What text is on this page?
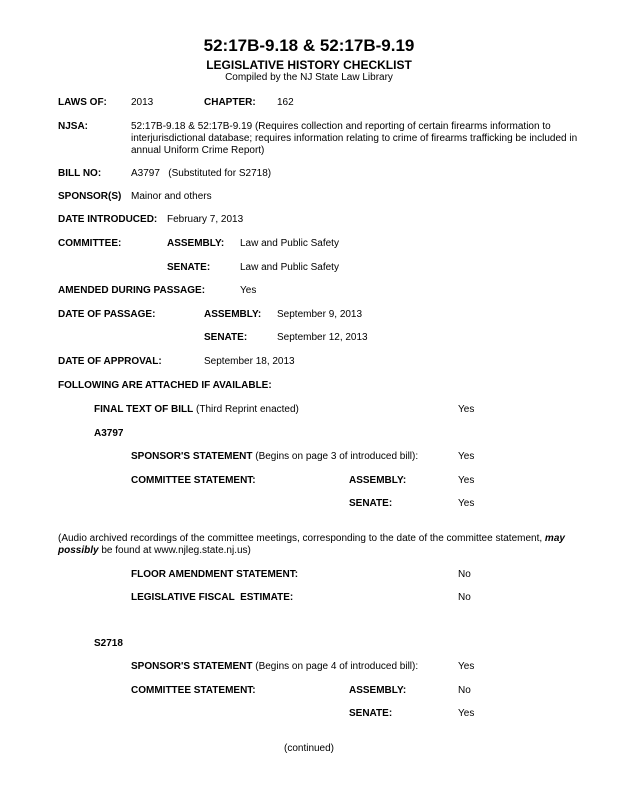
52:17B-9.18 & 52:17B-9.19
LEGISLATIVE HISTORY CHECKLIST
Compiled by the NJ State Law Library
LAWS OF: 2013	CHAPTER: 162
NJSA:	52:17B-9.18 & 52:17B-9.19 (Requires collection and reporting of certain firearms information to interjurisdictional database; requires information relating to crime of firearms trafficking be included in annual Uniform Crime Report)
BILL NO:	A3797   (Substituted for S2718)
SPONSOR(S) Mainor and others
DATE INTRODUCED: February 7, 2013
COMMITTEE:	ASSEMBLY: Law and Public Safety
SENATE:	Law and Public Safety
AMENDED DURING PASSAGE:	Yes
DATE OF PASSAGE:	ASSEMBLY: September 9, 2013
SENATE:	September 12, 2013
DATE OF APPROVAL:	September 18, 2013
FOLLOWING ARE ATTACHED IF AVAILABLE:
FINAL TEXT OF BILL (Third Reprint enacted)	Yes
A3797
SPONSOR'S STATEMENT (Begins on page 3 of introduced bill):	Yes
COMMITTEE STATEMENT:	ASSEMBLY:	Yes
SENATE:	Yes
(Audio archived recordings of the committee meetings, corresponding to the date of the committee statement, may possibly be found at www.njleg.state.nj.us)
FLOOR AMENDMENT STATEMENT:	No
LEGISLATIVE FISCAL  ESTIMATE:	No
S2718
SPONSOR'S STATEMENT (Begins on page 4 of introduced bill):	Yes
COMMITTEE STATEMENT:	ASSEMBLY:	No
SENATE:	Yes
(continued)
